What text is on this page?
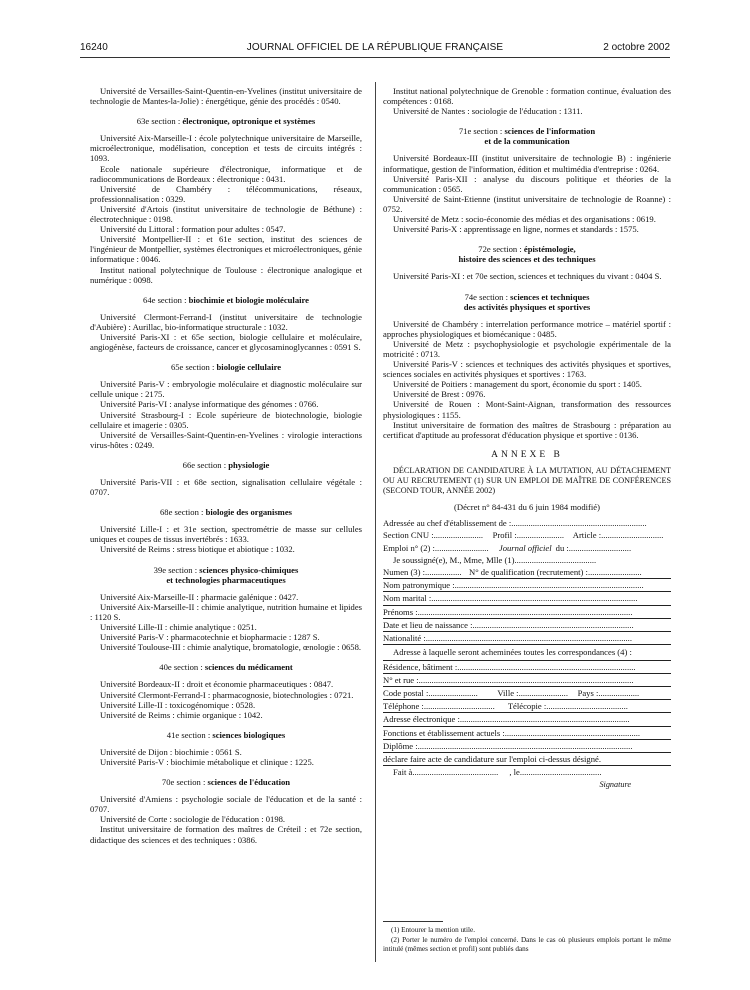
16240	JOURNAL OFFICIEL DE LA RÉPUBLIQUE FRANÇAISE	2 octobre 2002

Université de Versailles-Saint-Quentin-en-Yvelines (institut universitaire de technologie de Mantes-la-Jolie) : énergétique, génie des procédés : 0540.

63e section : électronique, optronique et systèmes

Université Aix-Marseille-I : école polytechnique universitaire de Marseille, microélectronique, modélisation, conception et tests de circuits intégrés : 1093.

Ecole nationale supérieure d'électronique, informatique et de radiocommunications de Bordeaux : électronique : 0431.

Université de Chambéry : télécommunications, réseaux, professionnalisation : 0329.

Université d'Artois (institut universitaire de technologie de Béthune) : électrotechnique : 0198.

Université du Littoral : formation pour adultes : 0547.

Université Montpellier-II : et 61e section, institut des sciences de l'ingénieur de Montpellier, systèmes électroniques et microélectroniques, génie informatique : 0046.

Institut national polytechnique de Toulouse : électronique analogique et numérique : 0098.

64e section : biochimie et biologie moléculaire

Université Clermont-Ferrand-I (institut universitaire de technologie d'Aubière) : Aurillac, bio-informatique structurale : 1032.

Université Paris-XI : et 65e section, biologie cellulaire et moléculaire, angiogénèse, facteurs de croissance, cancer et glycosaminoglycannes : 0591 S.

65e section : biologie cellulaire

Université Paris-V : embryologie moléculaire et diagnostic moléculaire sur cellule unique : 2175.

Université Paris-VI : analyse informatique des génomes : 0766.

Université Strasbourg-I : Ecole supérieure de biotechnologie, biologie cellulaire et imagerie : 0305.

Université de Versailles-Saint-Quentin-en-Yvelines : virologie interactions virus-hôtes : 0249.

66e section : physiologie

Université Paris-VII : et 68e section, signalisation cellulaire végétale : 0707.

68e section : biologie des organismes

Université Lille-I : et 31e section, spectrométrie de masse sur cellules uniques et coupes de tissus invertébrés : 1633.

Université de Reims : stress biotique et abiotique : 1032.

39e section : sciences physico-chimiques
et technologies pharmaceutiques

Université Aix-Marseille-II : pharmacie galénique : 0427.

Université Aix-Marseille-II : chimie analytique, nutrition humaine et lipides : 1120 S.

Université Lille-II : chimie analytique : 0251.

Université Paris-V : pharmacotechnie et biopharmacie : 1287 S.

Université Toulouse-III : chimie analytique, bromatologie, œnologie : 0658.

40e section : sciences du médicament

Université Bordeaux-II : droit et économie pharmaceutiques : 0847.

Université Clermont-Ferrand-I : pharmacognosie, biotechnologies : 0721.

Université Lille-II : toxicogénomique : 0528.

Université de Reims : chimie organique : 1042.

41e section : sciences biologiques

Université de Dijon : biochimie : 0561 S.

Université Paris-V : biochimie métabolique et clinique : 1225.

70e section : sciences de l'éducation

Université d'Amiens : psychologie sociale de l'éducation et de la santé : 0707.

Université de Corte : sociologie de l'éducation : 0198.

Institut universitaire de formation des maîtres de Créteil : et 72e section, didactique des sciences et des techniques : 0386.

Institut national polytechnique de Grenoble : formation continue, évaluation des compétences : 0168.

Université de Nantes : sociologie de l'éducation : 1311.

71e section : sciences de l'information
et de la communication

Université Bordeaux-III (institut universitaire de technologie B) : ingénierie informatique, gestion de l'information, édition et multimédia d'entreprise : 0264.

Université Paris-XII : analyse du discours politique et théories de la communication : 0565.

Université de Saint-Etienne (institut universitaire de technologie de Roanne) : 0752.

Université de Metz : socio-économie des médias et des organisations : 0619.

Université Paris-X : apprentissage en ligne, normes et standards : 1575.

72e section : épistémologie,
histoire des sciences et des techniques

Université Paris-XI : et 70e section, sciences et techniques du vivant : 0404 S.

74e section : sciences et techniques
des activités physiques et sportives

Université de Chambéry : interrelation performance motrice – matériel sportif : approches physiologiques et biomécanique : 0485.

Université de Metz : psychophysiologie et psychologie expérimentale de la motricité : 0713.

Université Paris-V : sciences et techniques des activités physiques et sportives, sciences sociales en activités physiques et sportives : 1763.

Université de Poitiers : management du sport, économie du sport : 1405.

Université de Brest : 0976.

Université de Rouen : Mont-Saint-Aignan, transformation des ressources physiologiques : 1155.

Institut universitaire de formation des maîtres de Strasbourg : préparation au certificat d'aptitude au professorat d'éducation physique et sportive : 0136.

ANNEXE B

DÉCLARATION DE CANDIDATURE À LA MUTATION, AU DÉTACHEMENT OU AU RECRUTEMENT (1) SUR UN EMPLOI DE MAÎTRE DE CONFÉRENCES (SECOND TOUR, ANNÉE 2002)

(Décret n° 84-431 du 6 juin 1984 modifié)
Adressée au chef d'établissement de :...............................................................
Section CNU :....................... Profil :...................... Article :.............................
Emploi n° (2) :......................... Journal officiel du :.............................
Je soussigné(e), M., Mme, Mlle (1)......................................
Numen (3) :................. N° de qualification (recrutement) :.........................
Nom patronymique :........................................................................................
Nom marital :................................................................................................
Prénoms :....................................................................................................
Date et lieu de naissance :...........................................................................
Nationalité :................................................................................................
Adresse à laquelle seront acheminées toutes les correspondances (4) :
Résidence, bâtiment :...................................................................................
N° et rue :....................................................................................................
Code postal :....................... Ville :....................... Pays :...................
Téléphone :................................. Télécopie :......................................
Adresse électronique :...............................................................................
Fonctions et établissement actuels :...............................................................
Diplôme :....................................................................................................
déclare faire acte de candidature sur l'emploi ci-dessus désigné.
Fait à........................................ , le......................................
Signature

(1) Entourer la mention utile.

(2) Porter le numéro de l'emploi concerné. Dans le cas où plusieurs emplois portant le même intitulé (mêmes section et profil) sont publiés dans
